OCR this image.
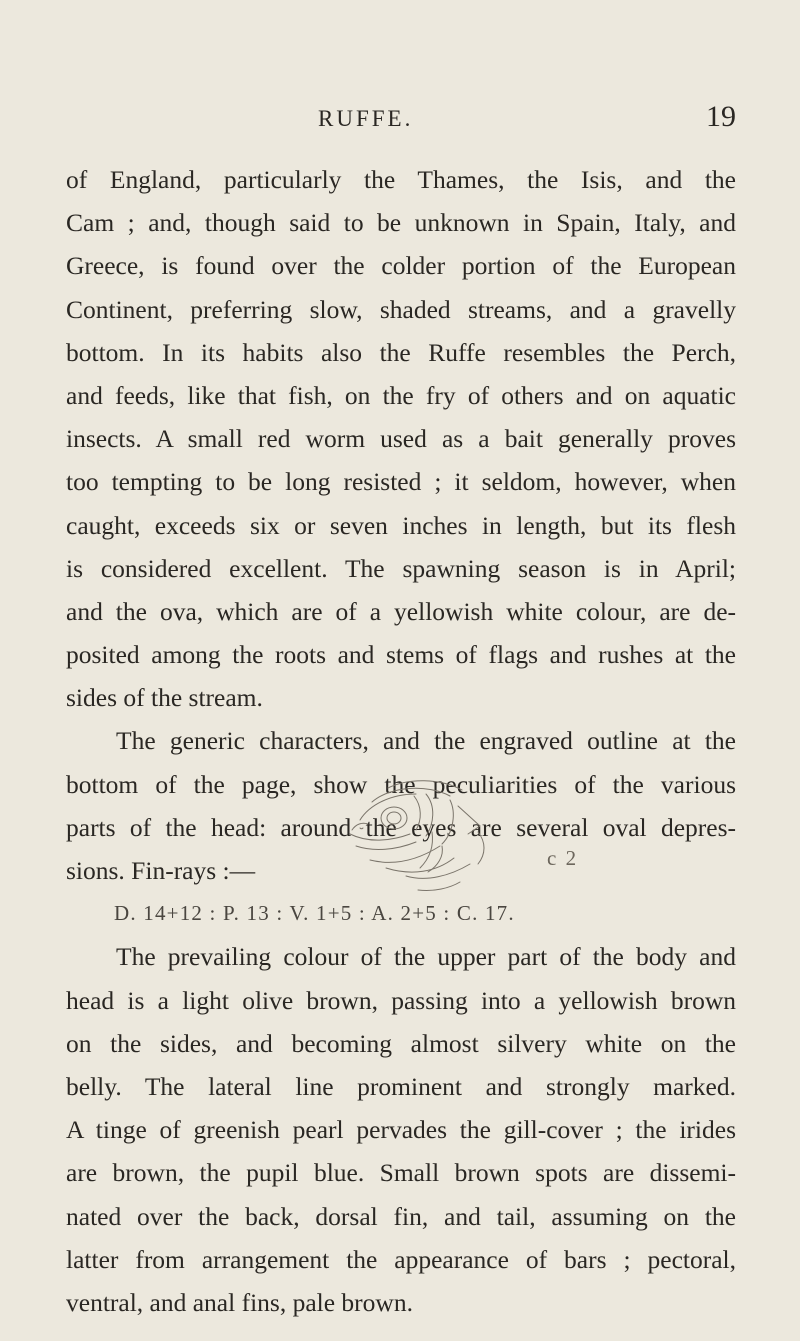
RUFFE.	19
of England, particularly the Thames, the Isis, and the
Cam ; and, though said to be unknown in Spain, Italy, and
Greece, is found over the colder portion of the European
Continent, preferring slow, shaded streams, and a gravelly
bottom. In its habits also the Ruffe resembles the Perch,
and feeds, like that fish, on the fry of others and on aquatic
insects. A small red worm used as a bait generally proves
too tempting to be long resisted ; it seldom, however, when
caught, exceeds six or seven inches in length, but its flesh
is considered excellent. The spawning season is in April;
and the ova, which are of a yellowish white colour, are de-
posited among the roots and stems of flags and rushes at the
sides of the stream.
The generic characters, and the engraved outline at the
bottom of the page, show the peculiarities of the various
parts of the head: around the eyes are several oval depres-
sions. Fin-rays :—
D. 14+12 : P. 13 : V. 1+5 : A. 2+5 : C. 17.
The prevailing colour of the upper part of the body and
head is a light olive brown, passing into a yellowish brown
on the sides, and becoming almost silvery white on the
belly. The lateral line prominent and strongly marked.
A tinge of greenish pearl pervades the gill-cover ; the irides
are brown, the pupil blue. Small brown spots are dissemi-
nated over the back, dorsal fin, and tail, assuming on the
latter from arrangement the appearance of bars ; pectoral,
ventral, and anal fins, pale brown.
c 2
